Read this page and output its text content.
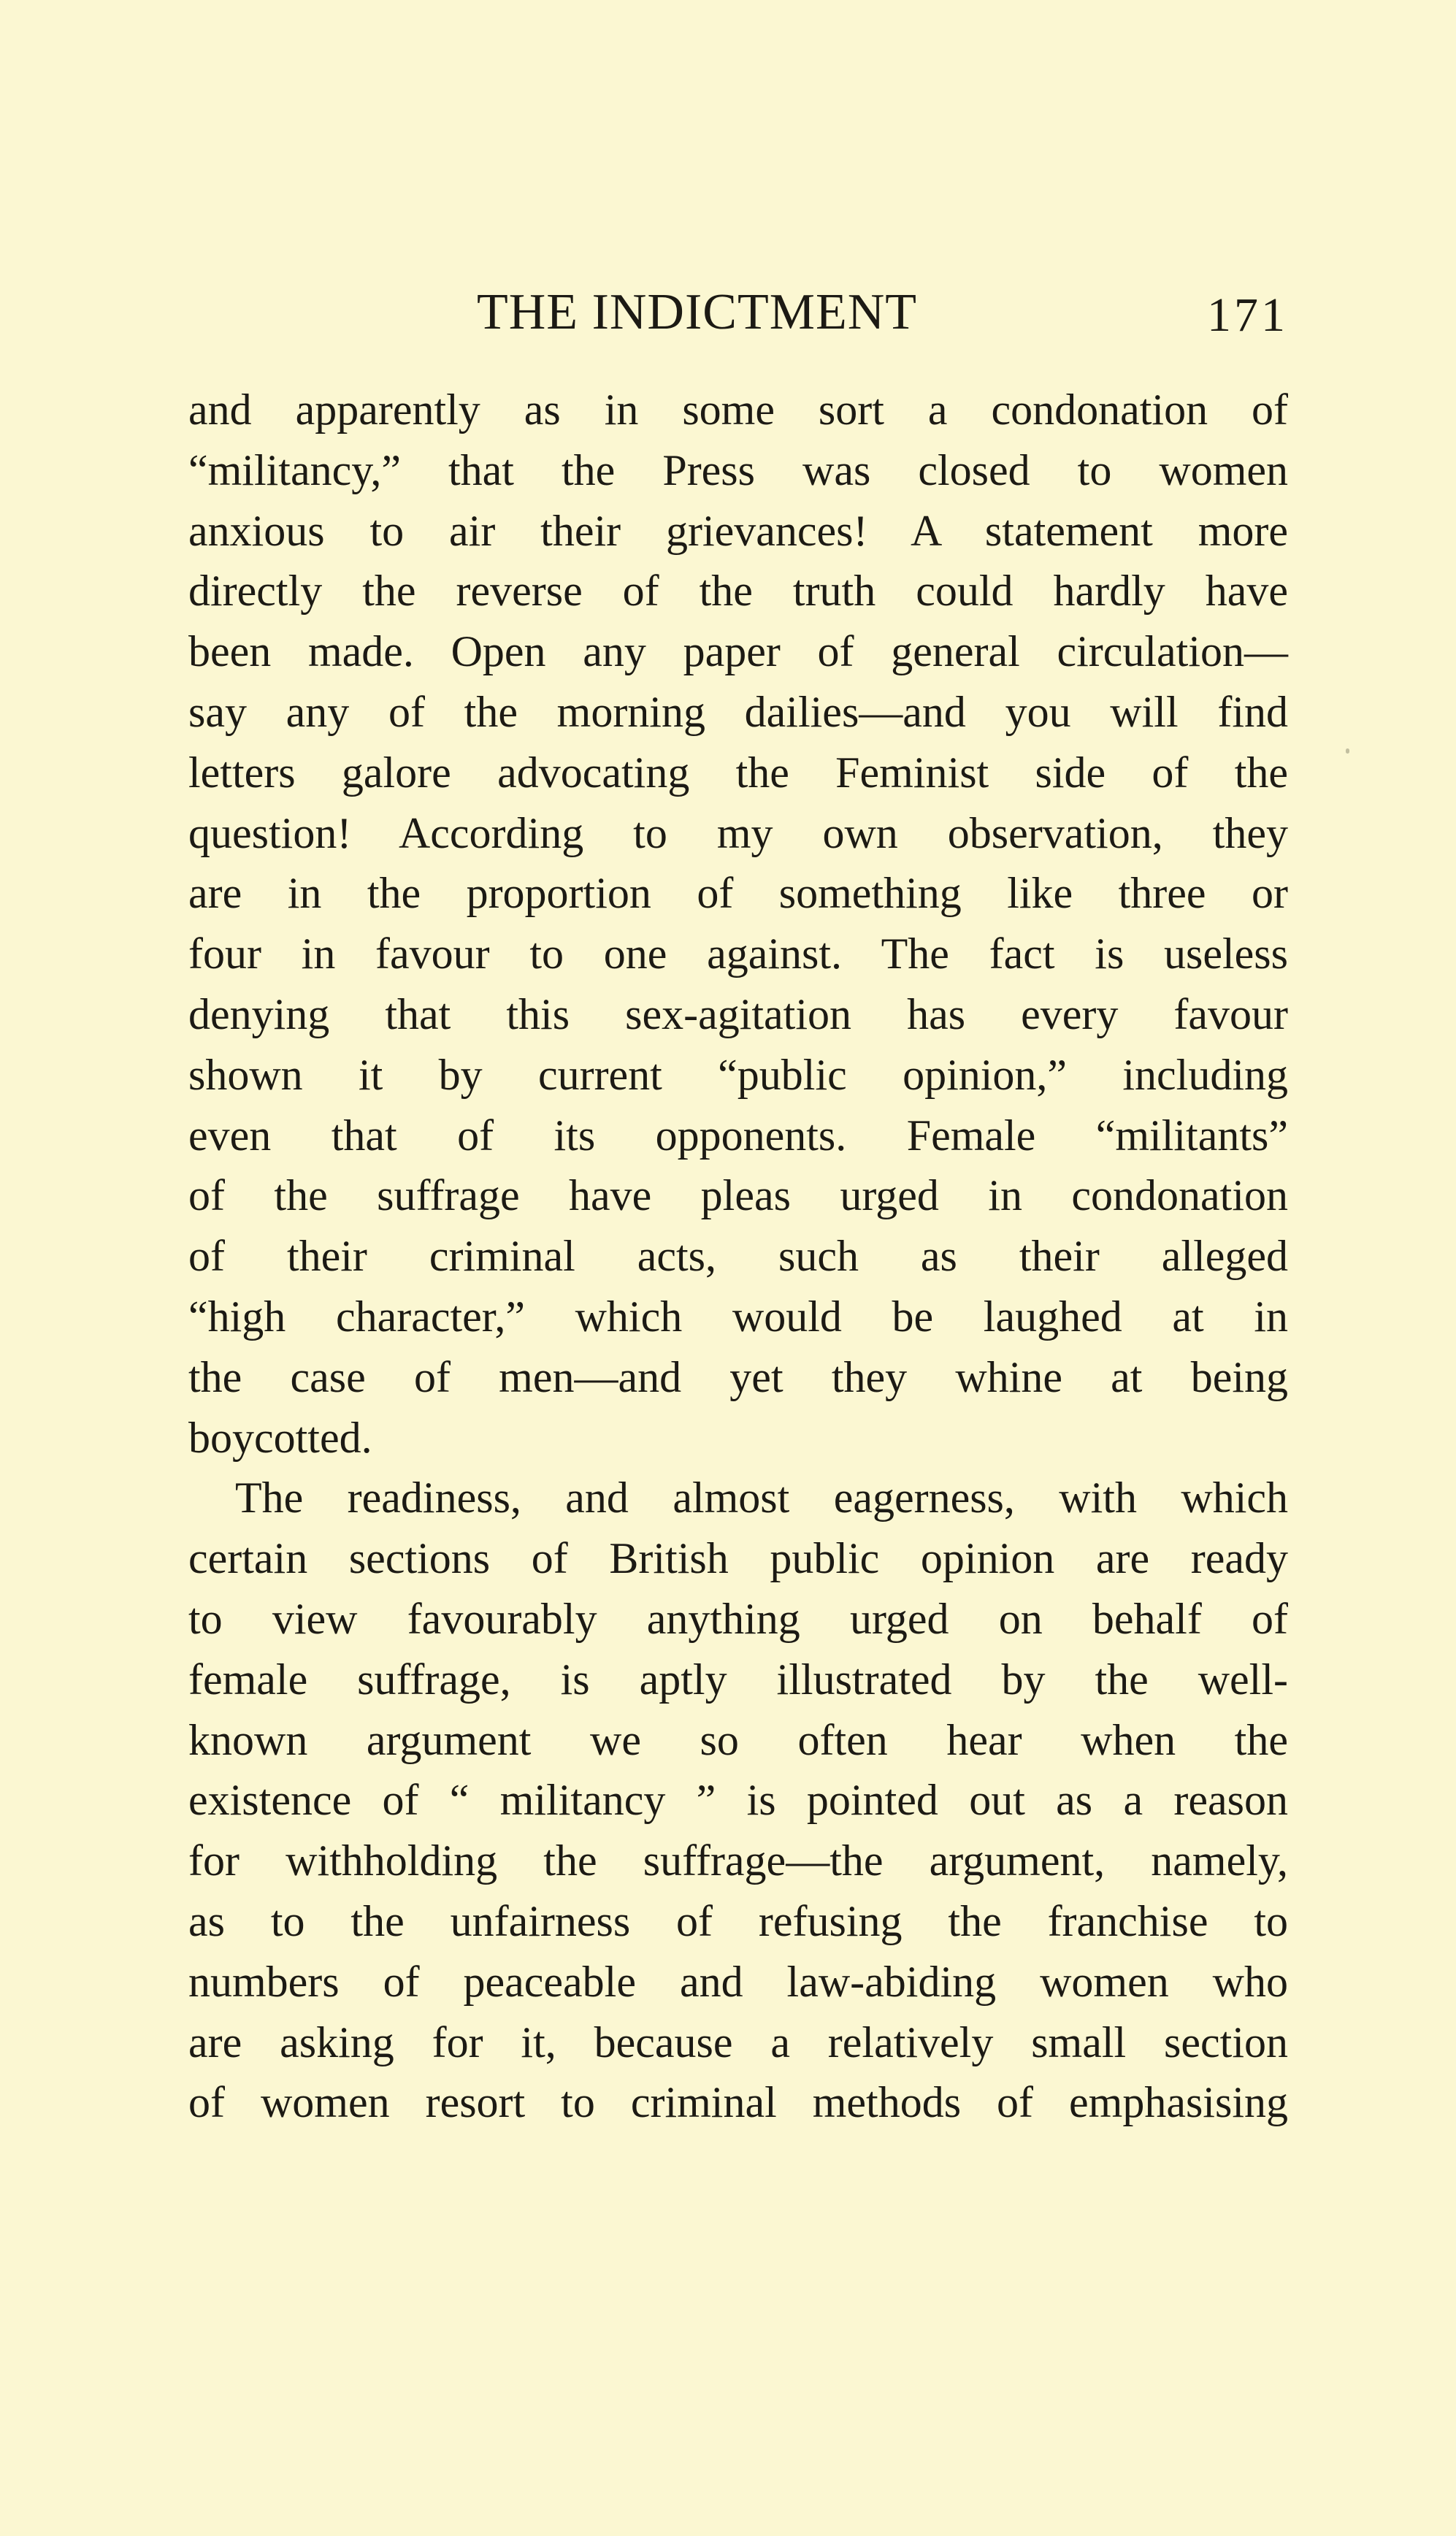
THE INDICTMENT	171
and apparently as in some sort a condonation of
“militancy,” that the Press was closed to women
anxious to air their grievances! A statement more
directly the reverse of the truth could hardly have
been made. Open any paper of general circulation—
say any of the morning dailies—and you will find
letters galore advocating the Feminist side of the
question! According to my own observation, they
are in the proportion of something like three or
four in favour to one against. The fact is useless
denying that this sex-agitation has every favour
shown it by current “public opinion,” including
even that of its opponents. Female “militants”
of the suffrage have pleas urged in condonation
of their criminal acts, such as their alleged
“high character,” which would be laughed at in
the case of men—and yet they whine at being
boycotted.
The readiness, and almost eagerness, with which
certain sections of British public opinion are ready
to view favourably anything urged on behalf of
female suffrage, is aptly illustrated by the well-
known argument we so often hear when the
existence of “ militancy ” is pointed out as a reason
for withholding the suffrage—the argument, namely,
as to the unfairness of refusing the franchise to
numbers of peaceable and law-abiding women who
are asking for it, because a relatively small section
of women resort to criminal methods of emphasising
